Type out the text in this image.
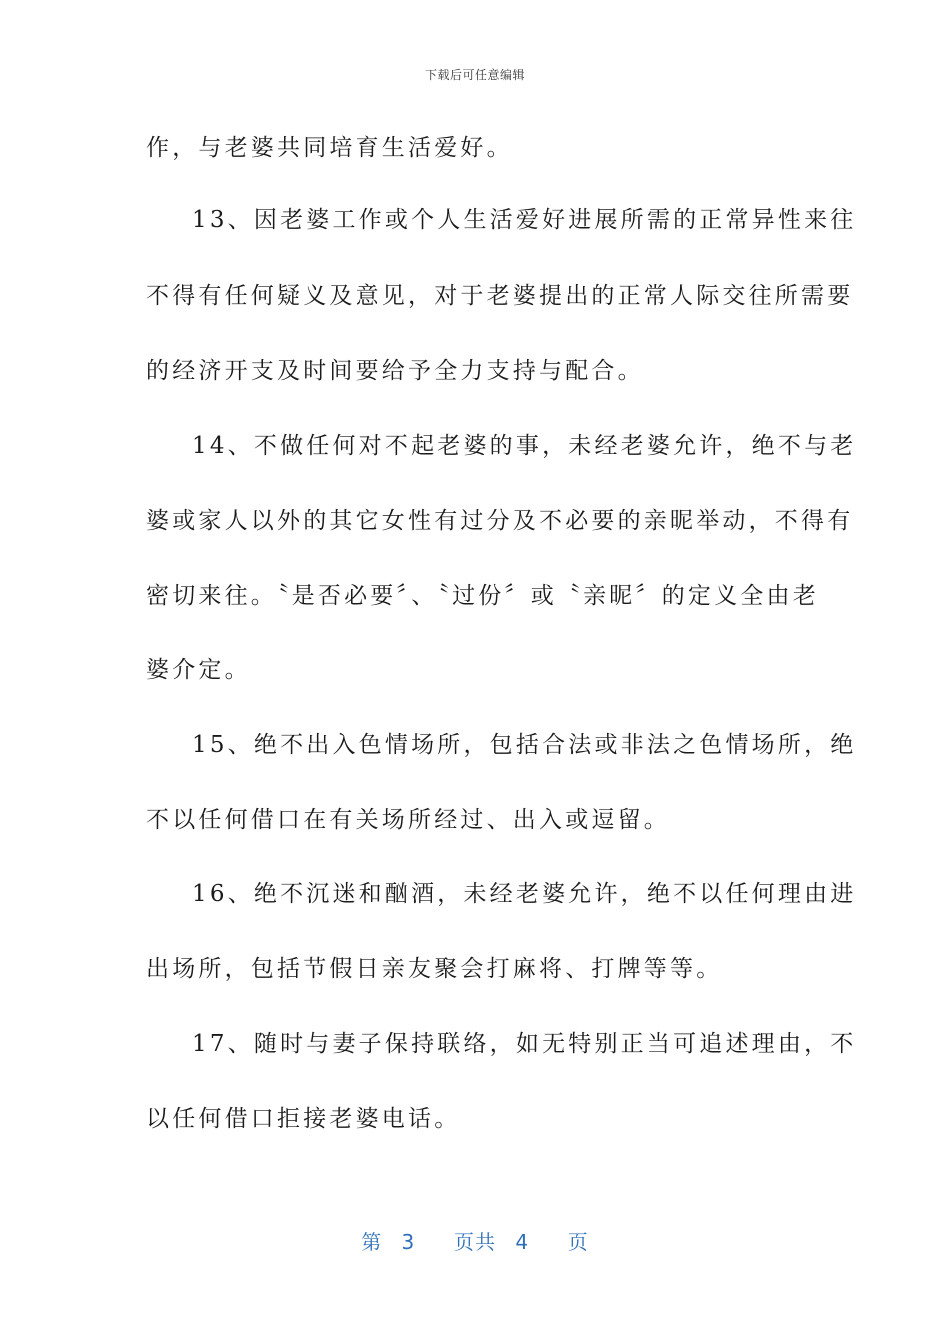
下载后可任意编辑
作，与老婆共同培育生活爱好。
13、因老婆工作或个人生活爱好进展所需的正常异性来往
不得有任何疑义及意见，对于老婆提出的正常人际交往所需要
的经济开支及时间要给予全力支持与配合。
14、不做任何对不起老婆的事，未经老婆允许，绝不与老
婆或家人以外的其它女性有过分及不必要的亲昵举动，不得有
密切来往。〝是否必要〞、〝过份〞或〝亲昵〞的定义全由老
婆介定。
15、绝不出入色情场所，包括合法或非法之色情场所，绝
不以任何借口在有关场所经过、出入或逗留。
16、绝不沉迷和酗酒，未经老婆允许，绝不以任何理由进
出场所，包括节假日亲友聚会打麻将、打牌等等。
17、随时与妻子保持联络，如无特别正当可追述理由，不
以任何借口拒接老婆电话。
第 3  页共 4  页
